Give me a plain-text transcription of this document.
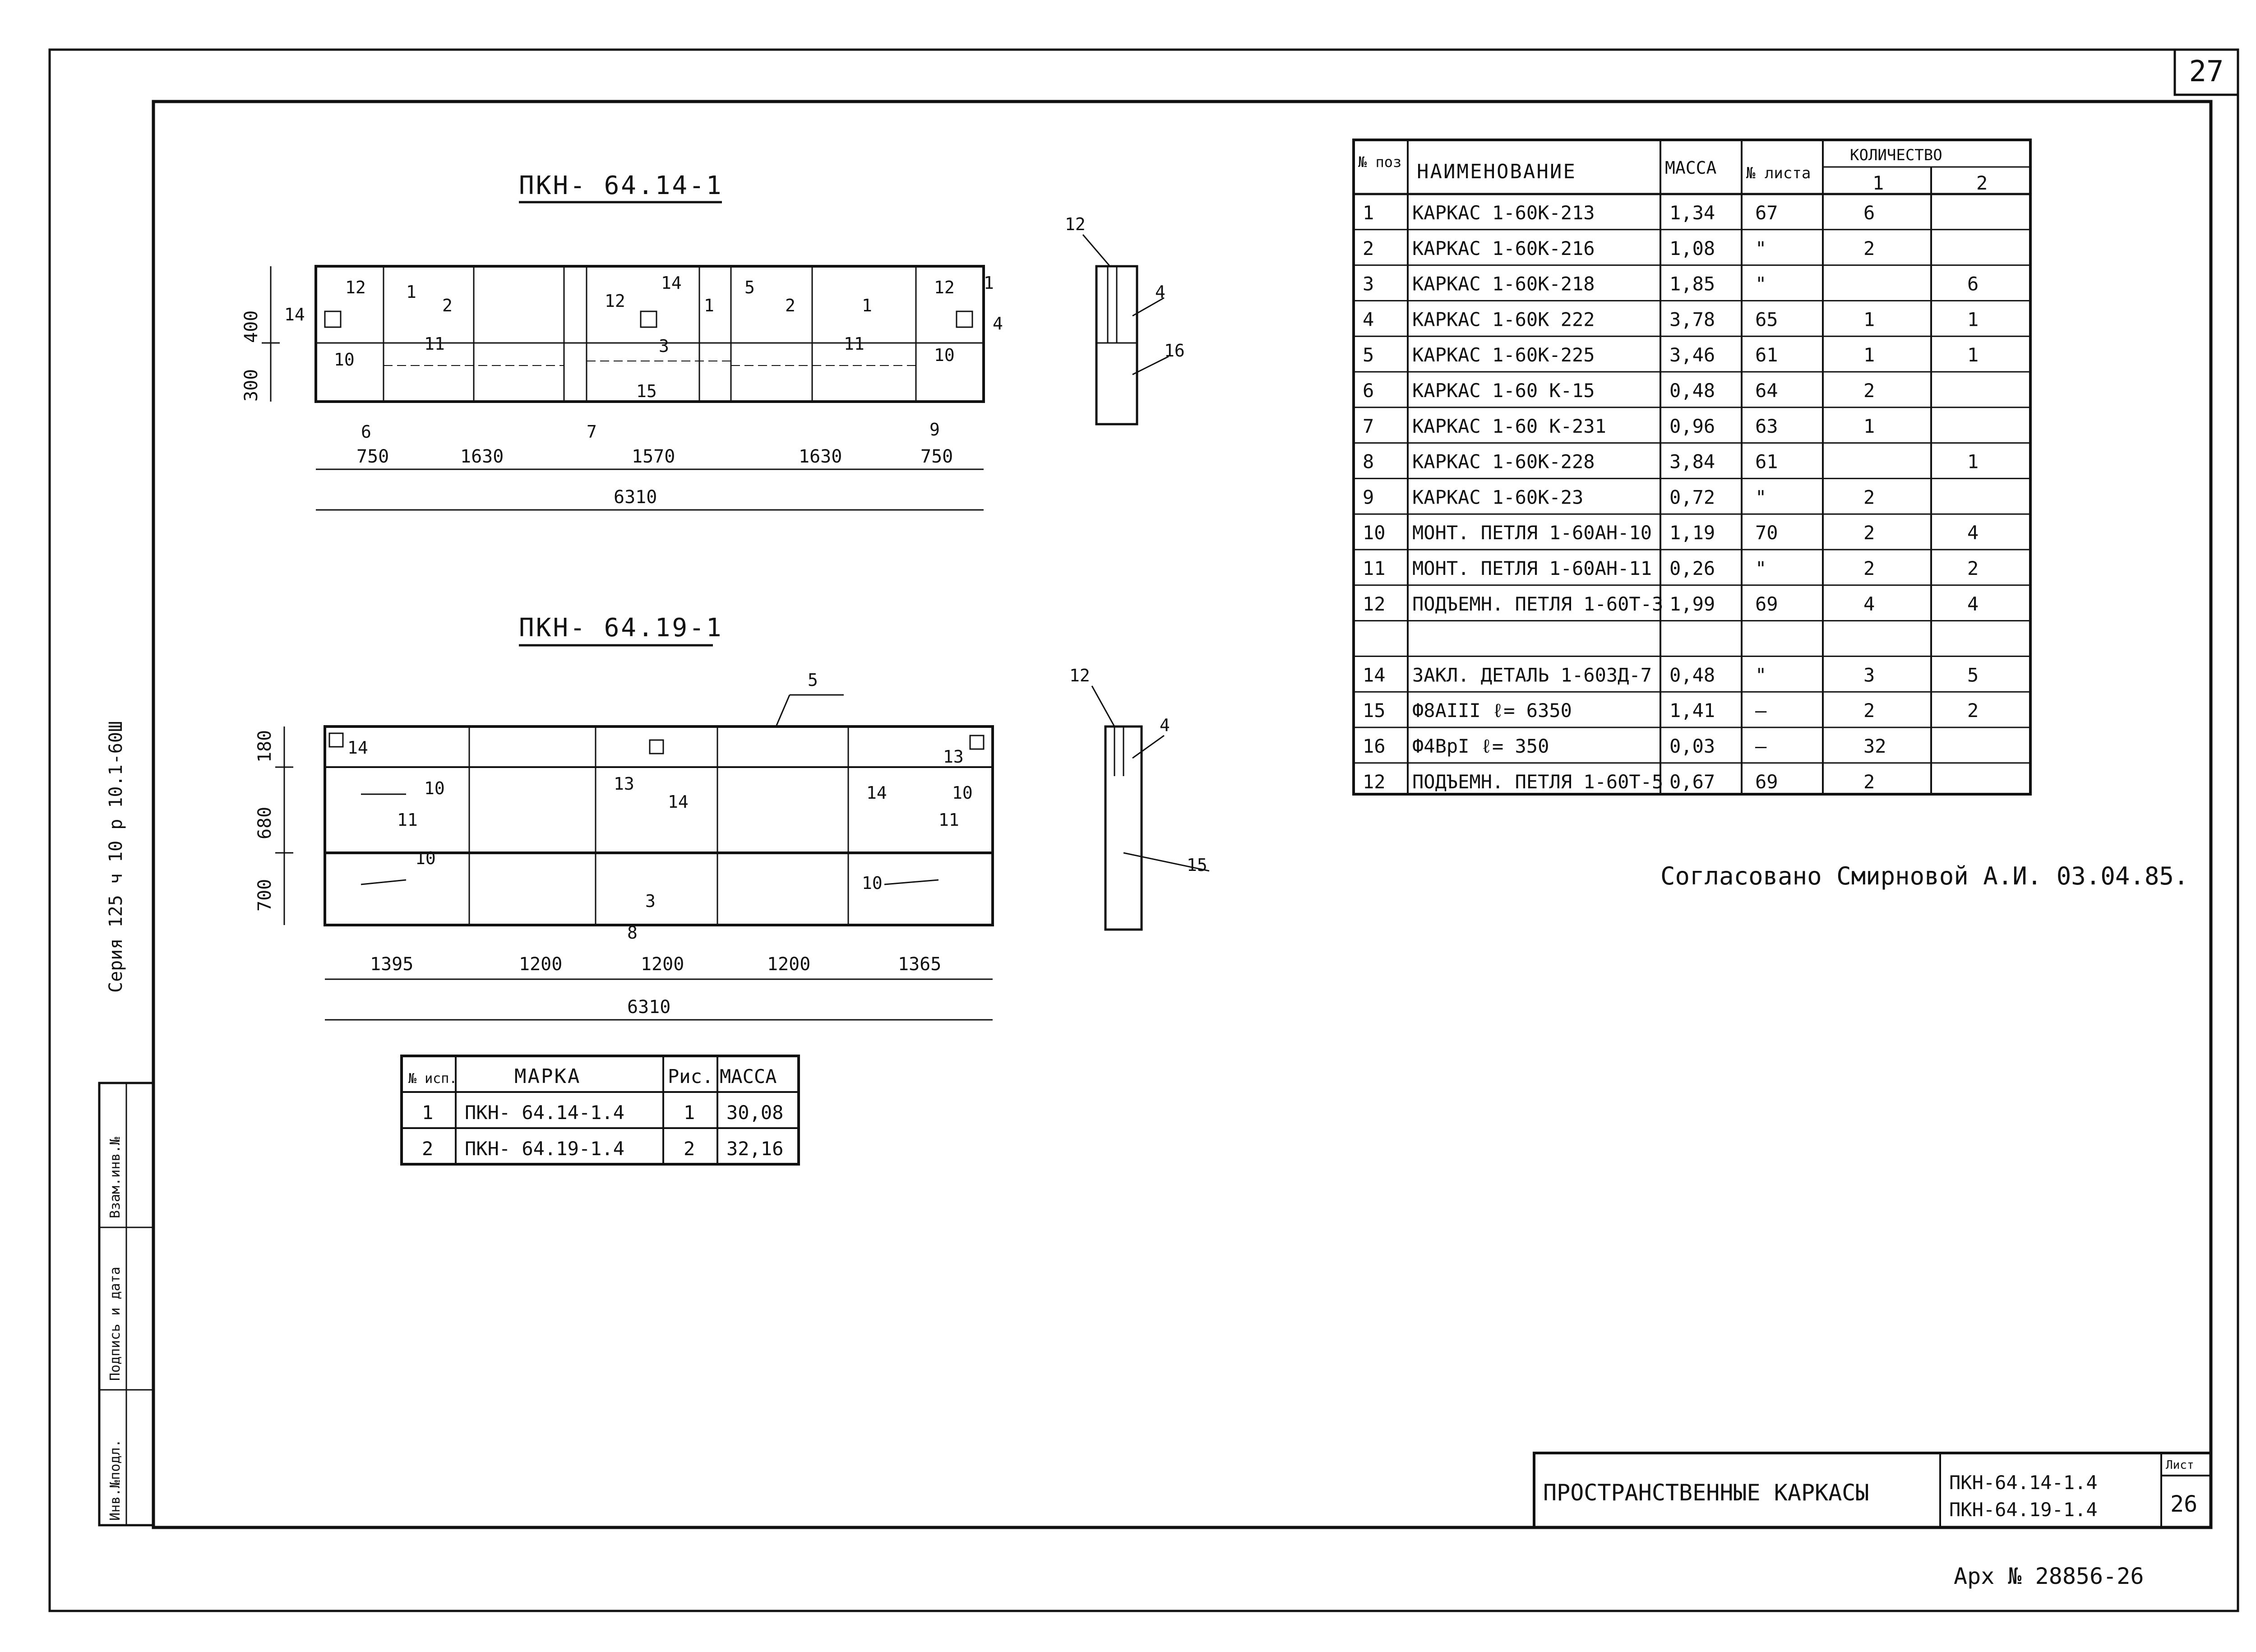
27
Серия 125 ч 10 р 10.1-60Ш
Инв.№подл.
Подпись и дата
Взам.инв.№
ПКН- 64.14-1
750	1630	1570	1630	750
6310
300
400
12
14
1
2
10
11
12
14
3
15
1
5
2	1
11
10
12 1
4
6	7	9
12
4
16
ПКН- 64.19-1
1395	1200	1200	1200	1365
6310
180
680
700
5
14
10
11
10
13
14	14
13
10
11
10
3
8
12
4
15
№ исп.	МАРКА	Рис. МАССА
1 ПКН- 64.14-1.4	1 30,08
2 ПКН- 64.19-1.4	2 32,16
1 КАРКАС 1-60К-213	1,34 67	6
2 КАРКАС 1-60К-216	1,08 "	2
3 КАРКАС 1-60К-218	1,85 "	6
4 КАРКАС 1-60К 222	3,78 65	1	1
5 КАРКАС 1-60К-225	3,46 61	1	1
6 КАРКАС 1-60 К-15	0,48 64	2
7 КАРКАС 1-60 К-231	0,96 63	1
8 КАРКАС 1-60К-228	3,84 61	1
9 КАРКАС 1-60К-23	0,72 "	2
10 МОНТ. ПЕТЛЯ 1-60АН-10 1,19 70	2	4
11 МОНТ. ПЕТЛЯ 1-60АН-11 0,26 "	2	2
12 ПОДЪЕМН. ПЕТЛЯ 1-60Т-3 1,99 69	4	4
14 ЗАКЛ. ДЕТАЛЬ 1-60ЗД-7 0,48 "	3	5
15 Ф8АIII ℓ= 6350	1,41 —	2	2
16 Ф4ВрI ℓ= 350	0,03 —	32
12 ПОДЪЕМН. ПЕТЛЯ 1-60Т-5 0,67 69	2
№ поз НАИМЕНОВАНИЕ	МАССА № листа
КОЛИЧЕСТВО
1	2
Согласовано Смирновой А.И. 03.04.85.
ПРОСТРАНСТВЕННЫЕ КАРКАСЫ	ПКН-64.14-1.4
ПКН-64.19-1.4
Лист
26
Арх № 28856-26
